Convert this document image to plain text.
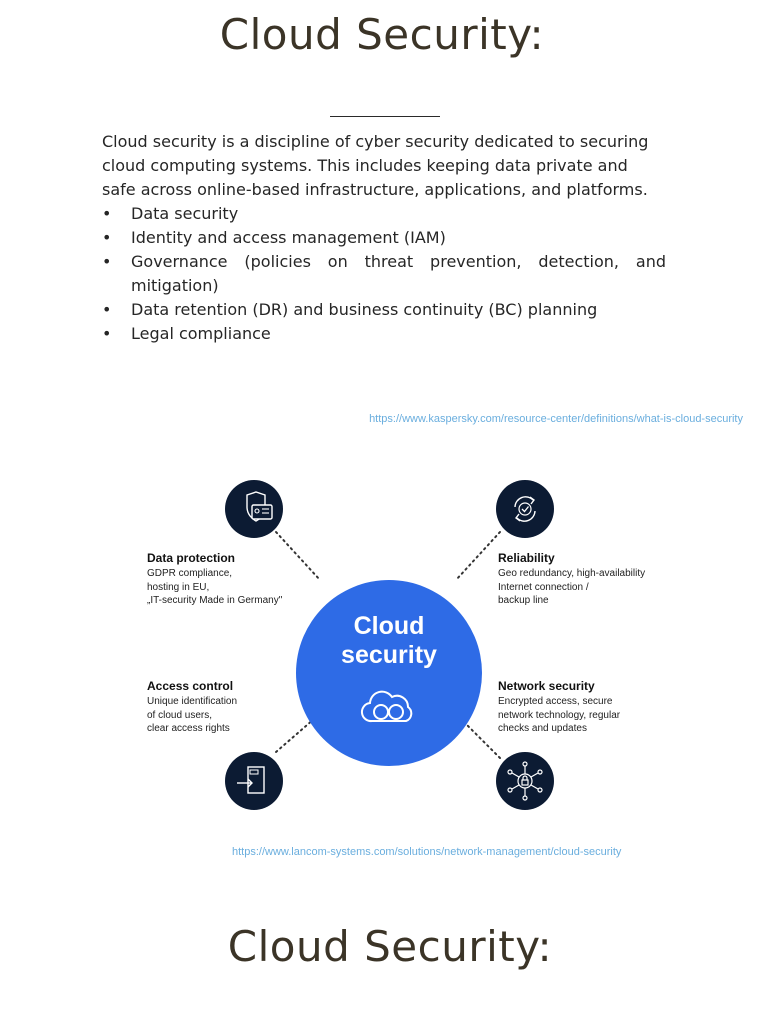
Cloud Security:

Cloud security is a discipline of cyber security dedicated to securing cloud computing systems. This includes keeping data private and safe across online-based infrastructure, applications, and platforms.

• Data security
• Identity and access management (IAM)
• Governance (policies on threat prevention, detection, and mitigation)
• Data retention (DR) and business continuity (BC) planning
• Legal compliance
https://www.kaspersky.com/resource-center/definitions/what-is-cloud-security
Cloud
security
Data protection
GDPR compliance,
hosting in EU,
„IT-security Made in Germany"
Reliability
Geo redundancy, high-availability
Internet connection /
backup line
Access control
Unique identification
of cloud users,
clear access rights
Network security
Encrypted access, secure
network technology, regular
checks and updates
https://www.lancom-systems.com/solutions/network-management/cloud-security
Cloud Security:
